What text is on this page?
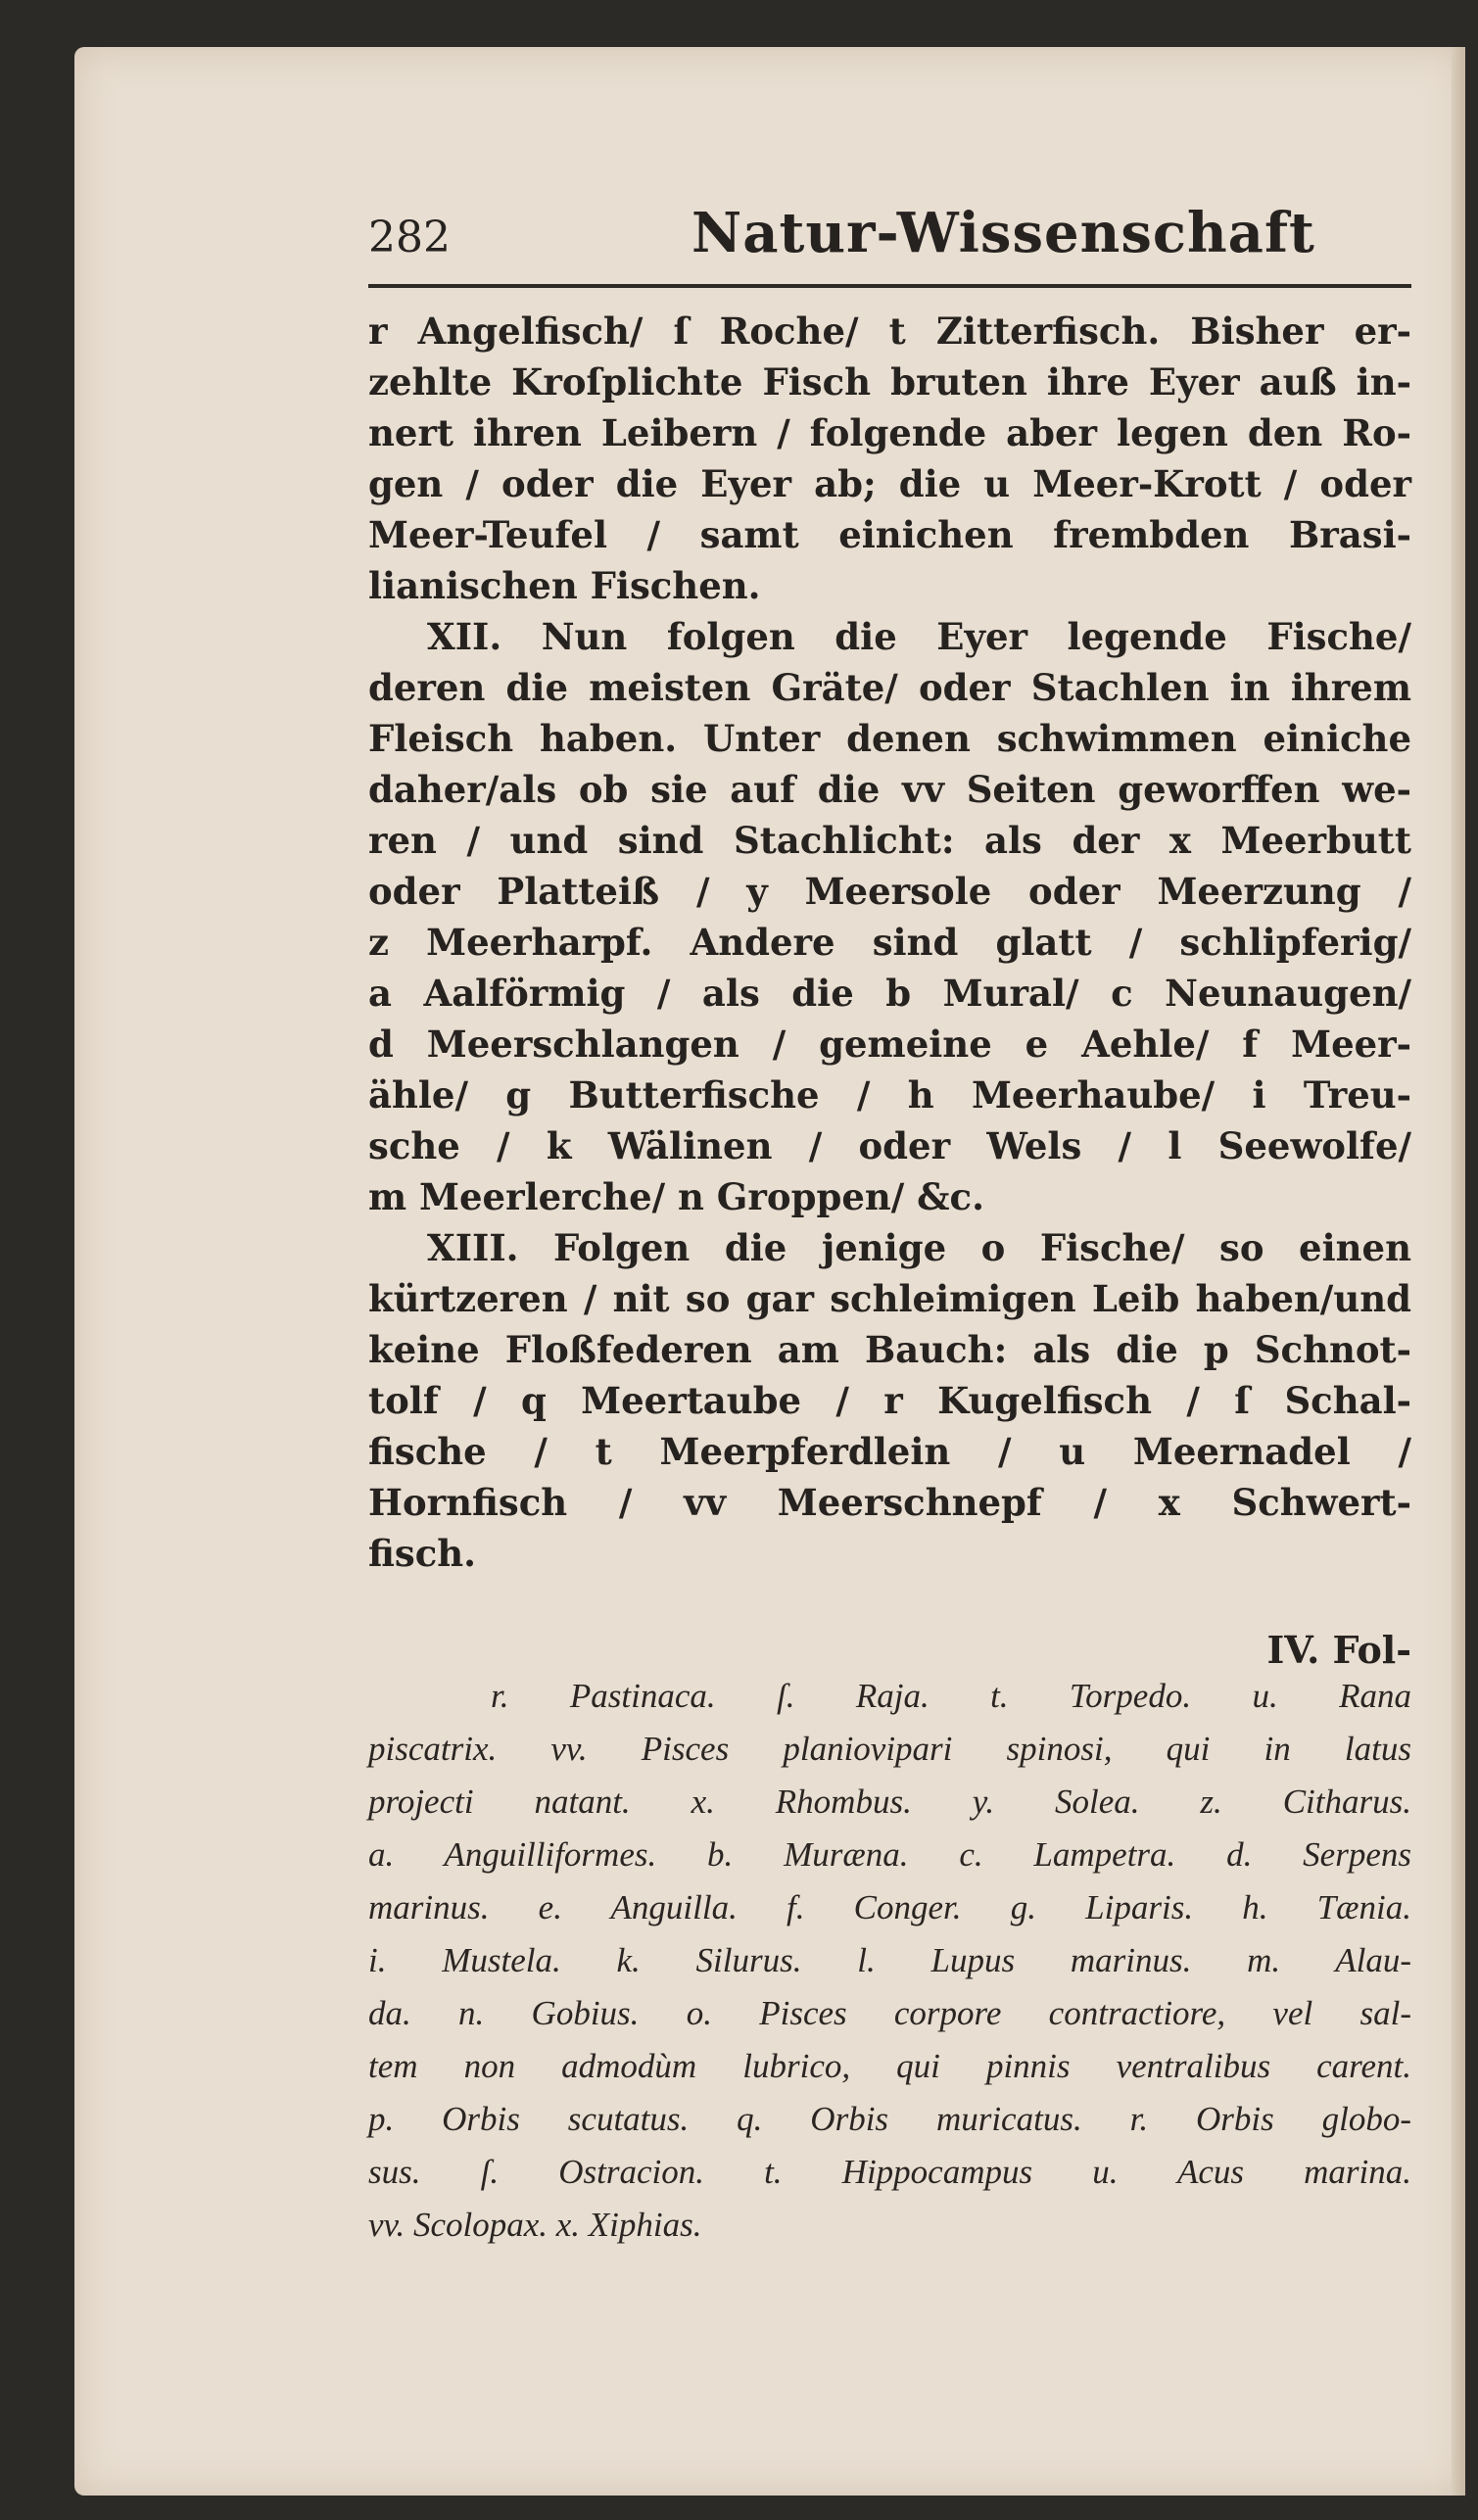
282	Natur-Wissenschaft
r Angelfisch/ ſ Roche/ t Zitterfisch. Bisher er-
zehlte Kroſplichte Fisch bruten ihre Eyer auß in-
nert ihren Leibern / folgende aber legen den Ro-
gen / oder die Eyer ab; die u Meer-Krott / oder
Meer-Teufel / samt einichen frembden Brasi-
lianischen Fischen.
XII. Nun folgen die Eyer legende Fische/
deren die meisten Gräte/ oder Stachlen in ihrem
Fleisch haben. Unter denen schwimmen einiche
daher/als ob sie auf die vv Seiten geworffen we-
ren / und sind Stachlicht: als der x Meerbutt
oder Platteiß / y Meersole oder Meerzung /
z Meerharpf. Andere sind glatt / schlipferig/
a Aalförmig / als die b Mural/ c Neunaugen/
d Meerschlangen / gemeine e Aehle/ f Meer-
ähle/ g Butterfische / h Meerhaube/ i Treu-
sche / k Wälinen / oder Wels / l Seewolfe/
m Meerlerche/ n Groppen/ &c.
XIII. Folgen die jenige o Fische/ so einen
kürtzeren / nit so gar schleimigen Leib haben/und
keine Floßfederen am Bauch: als die p Schnot-
tolf / q Meertaube / r Kugelfisch / ſ Schal-
fische / t Meerpferdlein / u Meernadel /
Hornfisch / vv Meerschnepf / x Schwert-
fisch.
IV. Fol-
r. Pastinaca. ſ. Raja. t. Torpedo. u. Rana
piscatrix. vv. Pisces planiovipari spinosi, qui in latus
projecti natant. x. Rhombus. y. Solea. z. Citharus.
a. Anguilliformes. b. Muræna. c. Lampetra. d. Serpens
marinus. e. Anguilla. f. Conger. g. Liparis. h. Tænia.
i. Mustela. k. Silurus. l. Lupus marinus. m. Alau-
da. n. Gobius. o. Pisces corpore contractiore, vel sal-
tem non admodùm lubrico, qui pinnis ventralibus carent.
p. Orbis scutatus. q. Orbis muricatus. r. Orbis globo-
sus. ſ. Ostracion. t. Hippocampus u. Acus marina.
vv. Scolopax. x. Xiphias.
